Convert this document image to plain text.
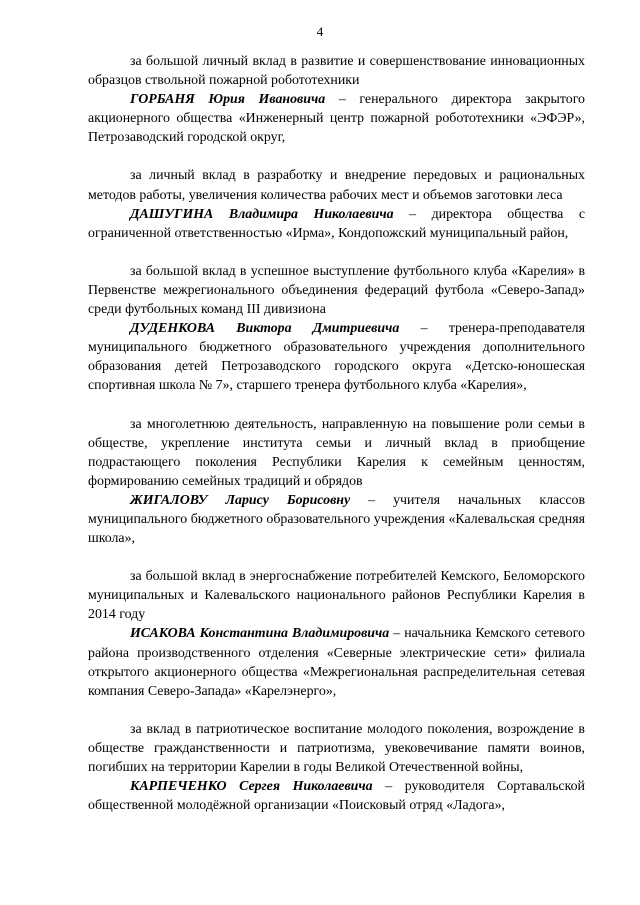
4

за большой личный вклад в развитие и совершенствование инновационных образцов ствольной пожарной робототехники

ГОРБАНЯ Юрия Ивановича – генерального директора закрытого акционерного общества «Инженерный центр пожарной робототехники «ЭФЭР», Петрозаводский городской округ,

за личный вклад в разработку и внедрение передовых и рациональных методов работы, увеличения количества рабочих мест и объемов заготовки леса

ДАШУГИНА Владимира Николаевича – директора общества с ограниченной ответственностью «Ирма», Кондопожский муниципальный район,

за большой вклад в успешное выступление футбольного клуба «Карелия» в Первенстве межрегионального объединения федераций футбола «Северо-Запад» среди футбольных команд III дивизиона

ДУДЕНКОВА Виктора Дмитриевича – тренера-преподавателя муниципального бюджетного образовательного учреждения дополнительного образования детей Петрозаводского городского округа «Детско-юношеская спортивная школа № 7», старшего тренера футбольного клуба «Карелия»,

за многолетнюю деятельность, направленную на повышение роли семьи в обществе, укрепление института семьи и личный вклад в приобщение подрастающего поколения Республики Карелия к семейным ценностям, формированию семейных традиций и обрядов

ЖИГАЛОВУ Ларису Борисовну – учителя начальных классов муниципального бюджетного образовательного учреждения «Калевальская средняя школа»,

за большой вклад в энергоснабжение потребителей Кемского, Беломорского муниципальных и Калевальского национального районов Республики Карелия в 2014 году

ИСАКОВА Константина Владимировича – начальника Кемского сетевого района производственного отделения «Северные электрические сети» филиала открытого акционерного общества «Межрегиональная распределительная сетевая компания Северо-Запада» «Карелэнерго»,

за вклад в патриотическое воспитание молодого поколения, возрождение в обществе гражданственности и патриотизма, увековечивание памяти воинов, погибших на территории Карелии в годы Великой Отечественной войны,

КАРПЕЧЕНКО Сергея Николаевича – руководителя Сортавальской общественной молодёжной организации «Поисковый отряд «Ладога»,
